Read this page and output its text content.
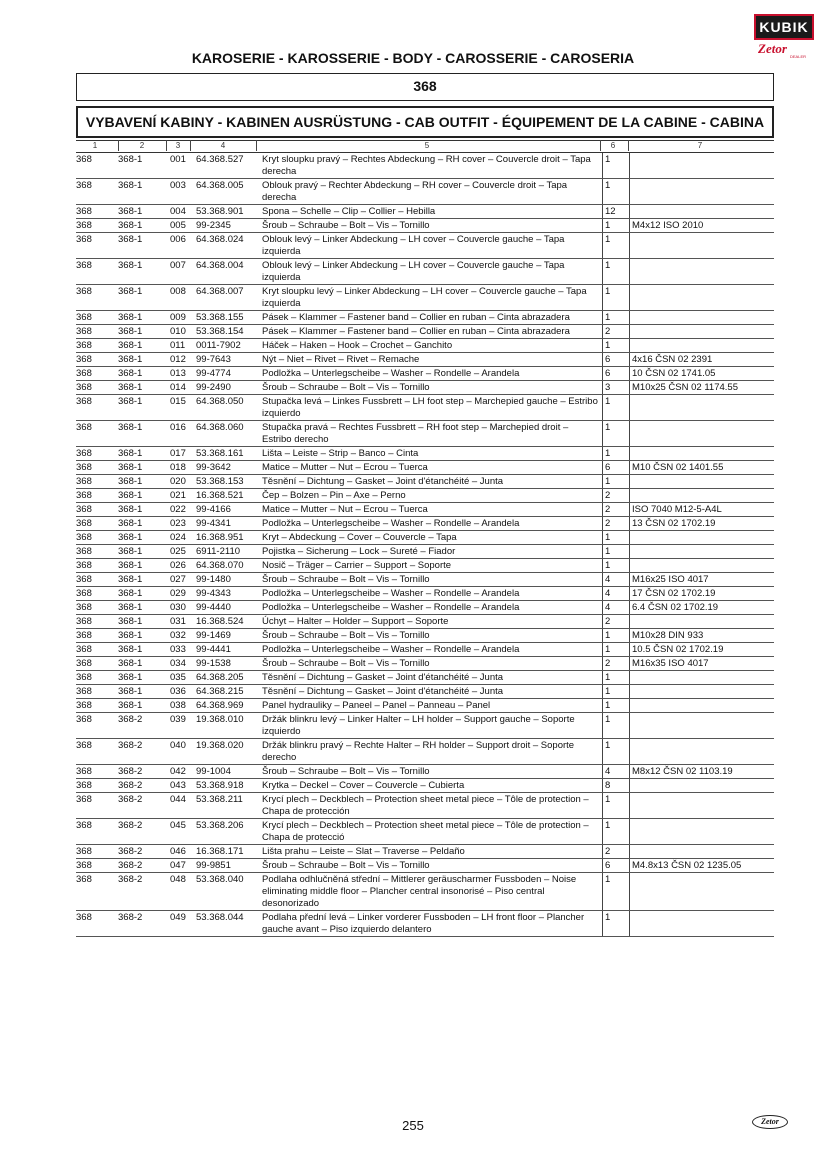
KUBIK
Zetor
DEALER
KAROSERIE - KAROSSERIE - BODY - CAROSSERIE - CAROSERIA
368
VYBAVENÍ KABINY - KABINEN AUSRÜSTUNG - CAB OUTFIT - ÉQUIPEMENT DE LA CABINE - CABINA
1	2	3	4	5	6	7
368	368-1	001	64.368.527	Kryt sloupku pravý – Rechtes Abdeckung – RH cover – Couvercle droit – Tapa derecha	1	
368	368-1	003	64.368.005	Oblouk pravý – Rechter Abdeckung – RH cover – Couvercle droit – Tapa derecha	1	
368	368-1	004	53.368.901	Spona – Schelle – Clip – Collier – Hebilla	12	
368	368-1	005	99-2345	Šroub – Schraube – Bolt – Vis – Tornillo	1	M4x12 ISO 2010
368	368-1	006	64.368.024	Oblouk levý – Linker Abdeckung – LH cover – Couvercle gauche – Tapa izquierda	1	
368	368-1	007	64.368.004	Oblouk levý – Linker Abdeckung – LH cover – Couvercle gauche – Tapa izquierda	1	
368	368-1	008	64.368.007	Kryt sloupku levý – Linker Abdeckung – LH cover – Couvercle gauche – Tapa izquierda	1	
368	368-1	009	53.368.155	Pásek – Klammer – Fastener band – Collier en ruban – Cinta abrazadera	1	
368	368-1	010	53.368.154	Pásek – Klammer – Fastener band – Collier en ruban – Cinta abrazadera	2	
368	368-1	011	0011-7902	Háček – Haken – Hook – Crochet – Ganchito	1	
368	368-1	012	99-7643	Nýt – Niet – Rivet – Rivet – Remache	6	4x16 ČSN 02 2391
368	368-1	013	99-4774	Podložka – Unterlegscheibe – Washer – Rondelle – Arandela	6	10 ČSN 02 1741.05
368	368-1	014	99-2490	Šroub – Schraube – Bolt – Vis – Tornillo	3	M10x25 ČSN 02 1174.55
368	368-1	015	64.368.050	Stupačka levá – Linkes Fussbrett – LH foot step – Marchepied gauche – Estribo izquierdo	1	
368	368-1	016	64.368.060	Stupačka pravá – Rechtes Fussbrett – RH foot step – Marchepied droit – Estribo derecho	1	
368	368-1	017	53.368.161	Lišta – Leiste – Strip – Banco – Cinta	1	
368	368-1	018	99-3642	Matice – Mutter – Nut – Ecrou – Tuerca	6	M10 ČSN 02 1401.55
368	368-1	020	53.368.153	Těsnění – Dichtung – Gasket – Joint d'étanchéité – Junta	1	
368	368-1	021	16.368.521	Čep – Bolzen – Pin – Axe – Perno	2	
368	368-1	022	99-4166	Matice – Mutter – Nut – Ecrou – Tuerca	2	ISO 7040 M12-5-A4L
368	368-1	023	99-4341	Podložka – Unterlegscheibe – Washer – Rondelle – Arandela	2	13 ČSN 02 1702.19
368	368-1	024	16.368.951	Kryt – Abdeckung – Cover – Couvercle – Tapa	1	
368	368-1	025	6911-2110	Pojistka – Sicherung – Lock – Sureté – Fiador	1	
368	368-1	026	64.368.070	Nosič – Träger – Carrier – Support – Soporte	1	
368	368-1	027	99-1480	Šroub – Schraube – Bolt – Vis – Tornillo	4	M16x25 ISO 4017
368	368-1	029	99-4343	Podložka – Unterlegscheibe – Washer – Rondelle – Arandela	4	17 ČSN 02 1702.19
368	368-1	030	99-4440	Podložka – Unterlegscheibe – Washer – Rondelle – Arandela	4	6.4 ČSN 02 1702.19
368	368-1	031	16.368.524	Úchyt – Halter – Holder – Support – Soporte	2	
368	368-1	032	99-1469	Šroub – Schraube – Bolt – Vis – Tornillo	1	M10x28 DIN 933
368	368-1	033	99-4441	Podložka – Unterlegscheibe – Washer – Rondelle – Arandela	1	10.5 ČSN 02 1702.19
368	368-1	034	99-1538	Šroub – Schraube – Bolt – Vis – Tornillo	2	M16x35 ISO 4017
368	368-1	035	64.368.205	Těsnění – Dichtung – Gasket – Joint d'étanchéité – Junta	1	
368	368-1	036	64.368.215	Těsnění – Dichtung – Gasket – Joint d'étanchéité – Junta	1	
368	368-1	038	64.368.969	Panel hydrauliky – Paneel – Panel – Panneau – Panel	1	
368	368-2	039	19.368.010	Držák blinkru levý – Linker Halter – LH holder – Support gauche – Soporte izquierdo	1	
368	368-2	040	19.368.020	Držák blinkru pravý – Rechte Halter – RH holder – Support droit – Soporte derecho	1	
368	368-2	042	99-1004	Šroub – Schraube – Bolt – Vis – Tornillo	4	M8x12 ČSN 02 1103.19
368	368-2	043	53.368.918	Krytka – Deckel – Cover – Couvercle – Cubierta	8	
368	368-2	044	53.368.211	Krycí plech – Deckblech – Protection sheet metal piece – Tôle de protection – Chapa de protección	1	
368	368-2	045	53.368.206	Krycí plech – Deckblech – Protection sheet metal piece – Tôle de protection – Chapa de protecció	1	
368	368-2	046	16.368.171	Lišta prahu – Leiste – Slat – Traverse – Peldaño	2	
368	368-2	047	99-9851	Šroub – Schraube – Bolt – Vis – Tornillo	6	M4.8x13 ČSN 02 1235.05
368	368-2	048	53.368.040	Podlaha odhlučněná střední – Mittlerer geräuscharmer Fussboden – Noise eliminating middle floor – Plancher central insonorisé – Piso central desonorizado	1	
368	368-2	049	53.368.044	Podlaha přední levá – Linker vorderer Fussboden – LH front floor – Plancher gauche avant – Piso izquierdo delantero	1	
255	Zetor
